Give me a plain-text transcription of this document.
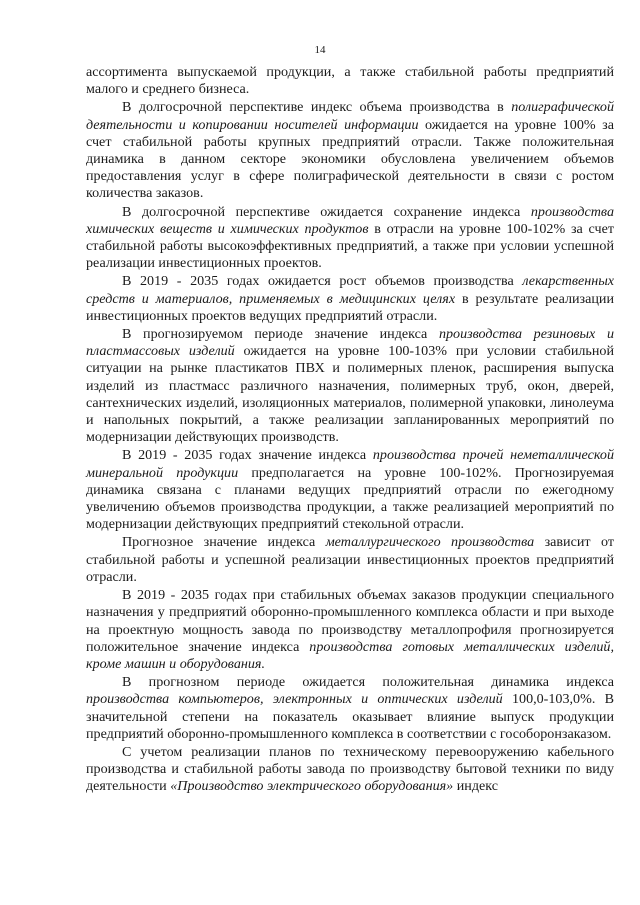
14

ассортимента выпускаемой продукции, а также стабильной работы предприятий малого и среднего бизнеса.

В долгосрочной перспективе индекс объема производства в полиграфической деятельности и копировании носителей информации ожидается на уровне 100% за счет стабильной работы крупных предприятий отрасли. Также положительная динамика в данном секторе экономики обусловлена увеличением объемов предоставления услуг в сфере полиграфической деятельности в связи с ростом количества заказов.

В долгосрочной перспективе ожидается сохранение индекса производства химических веществ и химических продуктов в отрасли на уровне 100-102% за счет стабильной работы высокоэффективных предприятий, а также при условии успешной реализации инвестиционных проектов.

В 2019 - 2035 годах ожидается рост объемов производства лекарственных средств и материалов, применяемых в медицинских целях в результате реализации инвестиционных проектов ведущих предприятий отрасли.

В прогнозируемом периоде значение индекса производства резиновых и пластмассовых изделий ожидается на уровне 100-103% при условии стабильной ситуации на рынке пластикатов ПВХ и полимерных пленок, расширения выпуска изделий из пластмасс различного назначения, полимерных труб, окон, дверей, сантехнических изделий, изоляционных материалов, полимерной упаковки, линолеума и напольных покрытий, а также реализации запланированных мероприятий по модернизации действующих производств.

В 2019 - 2035 годах значение индекса производства прочей неметаллической минеральной продукции предполагается на уровне 100-102%. Прогнозируемая динамика связана с планами ведущих предприятий отрасли по ежегодному увеличению объемов производства продукции, а также реализацией мероприятий по модернизации действующих предприятий стекольной отрасли.

Прогнозное значение индекса металлургического производства зависит от стабильной работы и успешной реализации инвестиционных проектов предприятий отрасли.

В 2019 - 2035 годах при стабильных объемах заказов продукции специального назначения у предприятий оборонно-промышленного комплекса области и при выходе на проектную мощность завода по производству металлопрофиля прогнозируется положительное значение индекса производства готовых металлических изделий, кроме машин и оборудования.

В прогнозном периоде ожидается положительная динамика индекса производства компьютеров, электронных и оптических изделий 100,0-103,0%. В значительной степени на показатель оказывает влияние выпуск продукции предприятий оборонно-промышленного комплекса в соответствии с гособоронзаказом.

С учетом реализации планов по техническому перевооружению кабельного производства и стабильной работы завода по производству бытовой техники по виду деятельности «Производство электрического оборудования» индекс
